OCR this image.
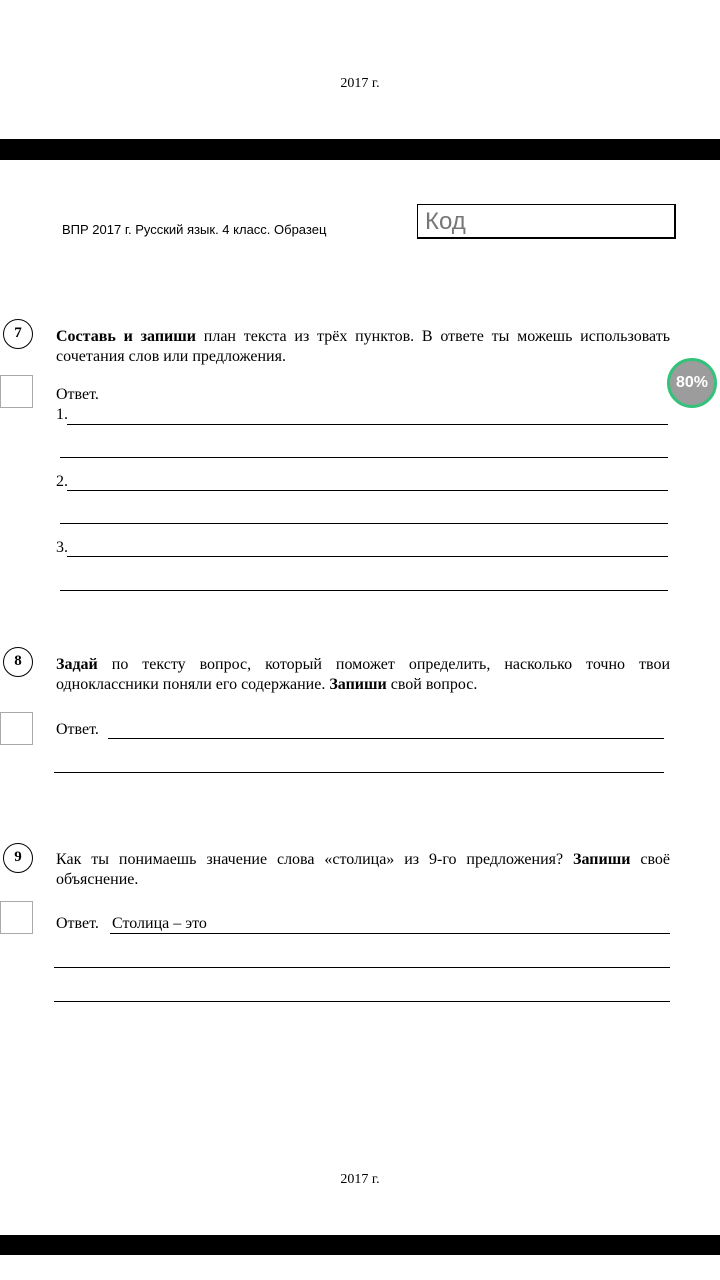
2017 г.
ВПР 2017 г. Русский язык. 4 класс. Образец	Код
80%
7	Составь и запиши план текста из трёх пунктов. В ответе ты можешь использовать сочетания слов или предложения.
Ответ.
1.
2.
3.
8	Задай по тексту вопрос, который поможет определить, насколько точно твои одноклассники поняли его содержание. Запиши свой вопрос.
Ответ.
9	Как ты понимаешь значение слова «столица» из 9-го предложения? Запиши своё объяснение.
Ответ. Столица – это
2017 г.
